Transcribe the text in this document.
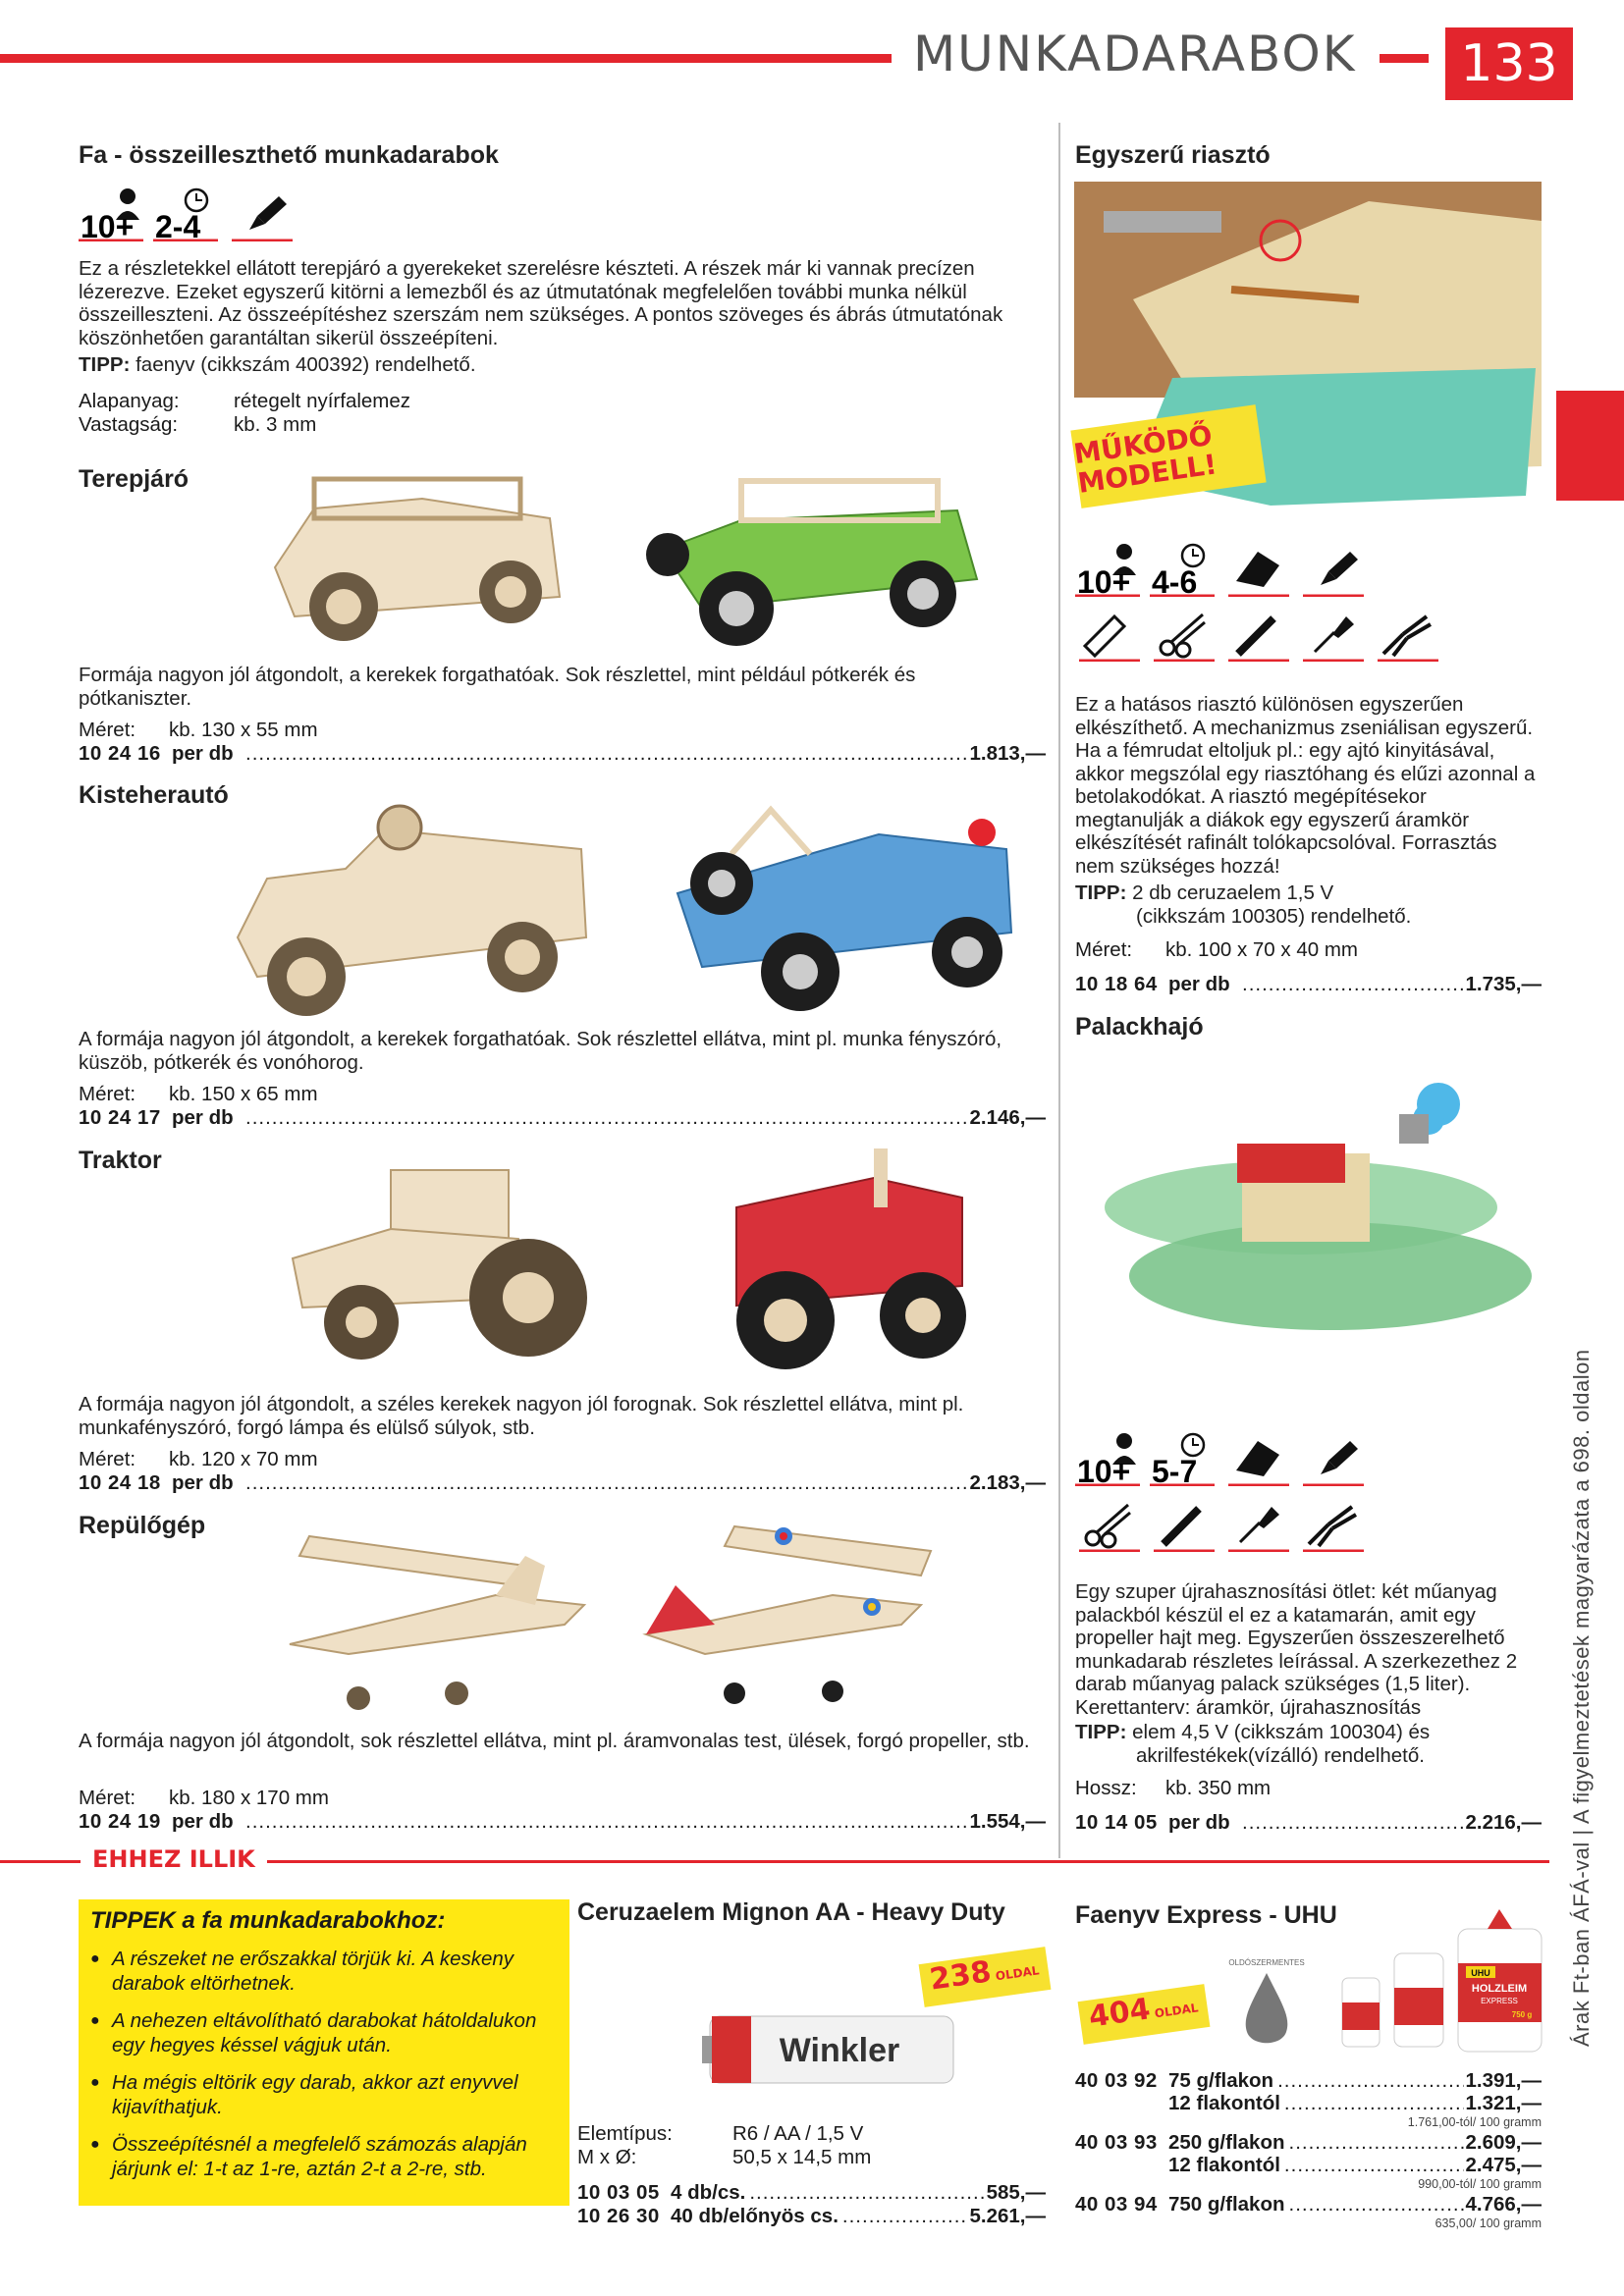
MUNKADARABOK 133
Árak Ft-ban ÁFÁ-val | A figyelmeztetések magyarázata a 698. oldalon
Fa - összeilleszthető munkadarabok
10+ 2-4

Ez a részletekkel ellátott terepjáró a gyerekeket szerelésre készteti. A részek már ki vannak precízen lézerezve. Ezeket egyszerű kitörni a lemezből és az útmutatónak megfelelően további munka nélkül összeilleszteni. Az összeépítéshez szerszám nem szükséges. A pontos szöveges és ábrás útmutatónak köszönhetően garantáltan sikerül összeépíteni.

TIPP: faenyv (cikkszám 400392) rendelhető.

Alapanyag:	rétegelt nyírfalemez
Vastagság:	kb. 3 mm
Terepjáró

Formája nagyon jól átgondolt, a kerekek forgathatóak. Sok részlettel, mint például pótkerék és pótkaniszter.

Méret: kb. 130 x 55 mm
10 24 16 per db .....	1.813,—
Kisteherautó

A formája nagyon jól átgondolt, a kerekek forgathatóak. Sok részlettel ellátva, mint pl. munka fényszóró, küszöb, pótkerék és vonóhorog.

Méret: kb. 150 x 65 mm
10 24 17 per db .....	2.146,—
Traktor

A formája nagyon jól átgondolt, a széles kerekek nagyon jól forognak. Sok részlettel ellátva, mint pl. munkafényszóró, forgó lámpa és elülső súlyok, stb.

Méret: kb. 120 x 70 mm
10 24 18 per db .....	2.183,—
Repülőgép

A formája nagyon jól átgondolt, sok részlettel ellátva, mint pl. áramvonalas test, ülések, forgó propeller, stb.

Méret: kb. 180 x 170 mm
10 24 19 per db .....	1.554,—
Egyszerű riasztó
MŰKÖDŐ MODELL!
10+ 4-6

Ez a hatásos riasztó különösen egyszerűen elkészíthető. A mechanizmus zseniálisan egyszerű. Ha a fémrudat eltoljuk pl.: egy ajtó kinyitásával, akkor megszólal egy riasztóhang és elűzi azonnal a betolakodókat. A riasztó megépítésekor megtanulják a diákok egy egyszerű áramkör elkészítését rafinált tolókapcsolóval. Forrasztás nem szükséges hozzá!

TIPP: 2 db ceruzaelem 1,5 V
(cikkszám 100305) rendelhető.
Méret: kb. 100 x 70 x 40 mm
10 18 64 per db .....	1.735,—
Palackhajó
10+ 5-7

Egy szuper újrahasznosítási ötlet: két műanyag palackból készül el ez a katamarán, amit egy propeller hajt meg. Egyszerűen összeszerelhető munkadarab részletes leírással. A szerkezethez 2 darab műanyag palack szükséges (1,5 liter). Kerettanterv: áramkör, újrahasznosítás

TIPP: elem 4,5 V (cikkszám 100304) és
akrilfestékek(vízálló) rendelhető.
Hossz: kb. 350 mm
10 14 05 per db .....	2.216,—
EHHEZ ILLIK
TIPPEK a fa munkadarabokhoz:
● A részeket ne erőszakkal törjük ki. A keskeny darabok eltörhetnek.
● A nehezen eltávolítható darabokat hátoldalukon egy hegyes késsel vágjuk után.
● Ha mégis eltörik egy darab, akkor azt enyvvel kijavíthatjuk.
● Összeépítésnél a megfelelő számozás alapján járjunk el: 1-t az 1-re, aztán 2-t a 2-re, stb.
Ceruzaelem Mignon AA - Heavy Duty
238 OLDAL
Winkler
Elemtípus:	R6 / AA / 1,5 V
M x Ø:	50,5 x 14,5 mm
10 03 05 4 db/cs. .....	585,—
10 26 30 40 db/előnyös cs. .....	5.261,—
Faenyv Express - UHU
404 OLDAL
OLDÓSZERMENTES
UHU
HOLZLEIM
EXPRESS
750 g
40 03 92 75 g/flakon .....	1.391,—
12 flakontól .....	1.321,—
1.761,00-tól/ 100 gramm
40 03 93 250 g/flakon .....	2.609,—
12 flakontól .....	2.475,—
990,00-tól/ 100 gramm
40 03 94 750 g/flakon .....	4.766,—
635,00/ 100 gramm
